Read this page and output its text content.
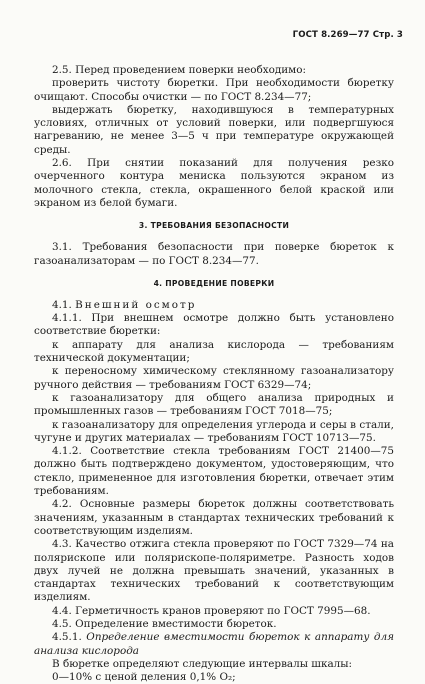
ГОСТ 8.269—77 Стр. 3

2.5. Перед проведением поверки необходимо:

проверить чистоту бюретки. При необходимости бюретку очищают. Способы очистки — по ГОСТ 8.234—77;

выдержать бюретку, находившуюся в температурных условиях, отличных от условий поверки, или подвергшуюся нагреванию, не менее 3—5 ч при температуре окружающей среды.

2.6. При снятии показаний для получения резко очерченного контура мениска пользуются экраном из молочного стекла, стекла, окрашенного белой краской или экраном из белой бумаги.

3. ТРЕБОВАНИЯ БЕЗОПАСНОСТИ

3.1. Требования безопасности при поверке бюреток к газоанализаторам — по ГОСТ 8.234—77.

4. ПРОВЕДЕНИЕ ПОВЕРКИ

4.1. Внешний осмотр

4.1.1. При внешнем осмотре должно быть установлено соответствие бюретки:

к аппарату для анализа кислорода — требованиям технической документации;

к переносному химическому стеклянному газоанализатору ручного действия — требованиям ГОСТ 6329—74;

к газоанализатору для общего анализа природных и промышленных газов — требованиям ГОСТ 7018—75;

к газоанализатору для определения углерода и серы в стали, чугуне и других материалах — требованиям ГОСТ 10713—75.

4.1.2. Соответствие стекла требованиям ГОСТ 21400—75 должно быть подтверждено документом, удостоверяющим, что стекло, примененное для изготовления бюретки, отвечает этим требованиям.

4.2. Основные размеры бюреток должны соответствовать значениям, указанным в стандартах технических требований к соответствующим изделиям.

4.3. Качество отжига стекла проверяют по ГОСТ 7329—74 на полярископе или полярископе-поляриметре. Разность ходов двух лучей не должна превышать значений, указанных в стандартах технических требований к соответствующим изделиям.

4.4. Герметичность кранов проверяют по ГОСТ 7995—68.

4.5. Определение вместимости бюреток.

4.5.1. Определение вместимости бюреток к аппарату для анализа кислорода

В бюретке определяют следующие интервалы шкалы:

0—10% с ценой деления 0,1% O₂;
